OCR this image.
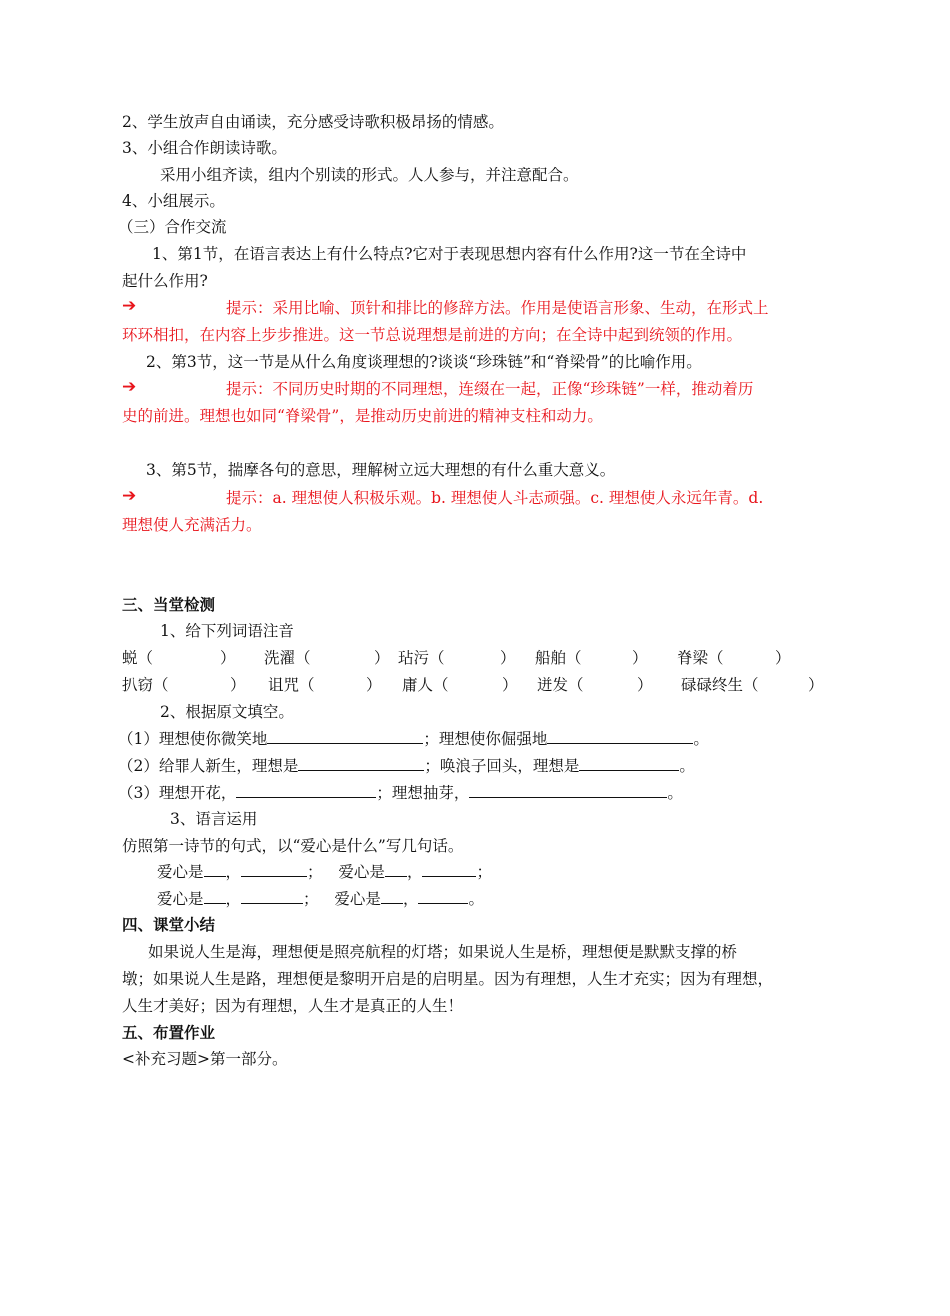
2、学生放声自由诵读，充分感受诗歌积极昂扬的情感。
3、小组合作朗读诗歌。
采用小组齐读，组内个别读的形式。人人参与，并注意配合。
4、小组展示。
（三）合作交流
1、第1节，在语言表达上有什么特点?它对于表现思想内容有什么作用?这一节在全诗中
起什么作用?
➔	提示：采用比喻、顶针和排比的修辞方法。作用是使语言形象、生动，在形式上
环环相扣，在内容上步步推进。这一节总说理想是前进的方向；在全诗中起到统领的作用。
2、第3节，这一节是从什么角度谈理想的?谈谈“珍珠链”和“脊梁骨”的比喻作用。
➔	提示：不同历史时期的不同理想，连缀在一起，正像“珍珠链”一样，推动着历
史的前进。理想也如同“脊梁骨”，是推动历史前进的精神支柱和动力。
3、第5节，揣摩各句的意思，理解树立远大理想的有什么重大意义。
➔	提示：a. 理想使人积极乐观。b. 理想使人斗志顽强。c. 理想使人永远年青。d.
理想使人充满活力。
三、当堂检测
1、给下列词语注音
蜕（	） 洗濯（	） 玷污（	） 船舶（	） 脊梁（	）
扒窃（	） 诅咒（	） 庸人（	） 迸发（	） 碌碌终生（	）
2、根据原文填空。
（1）理想使你微笑地	；理想使你倔强地	。
（2）给罪人新生，理想是	；唤浪子回头，理想是	。
（3）理想开花，	；理想抽芽，	。
3、语言运用
仿照第一诗节的句式，以“爱心是什么”写几句话。
爱心是 ，	； 爱心是 ，	；
爱心是 ，	； 爱心是 ，	。
四、课堂小结
如果说人生是海，理想便是照亮航程的灯塔；如果说人生是桥，理想便是默默支撑的桥
墩；如果说人生是路，理想便是黎明开启是的启明星。因为有理想，人生才充实；因为有理想，
人生才美好；因为有理想，人生才是真正的人生！
五、布置作业
<补充习题>第一部分。
